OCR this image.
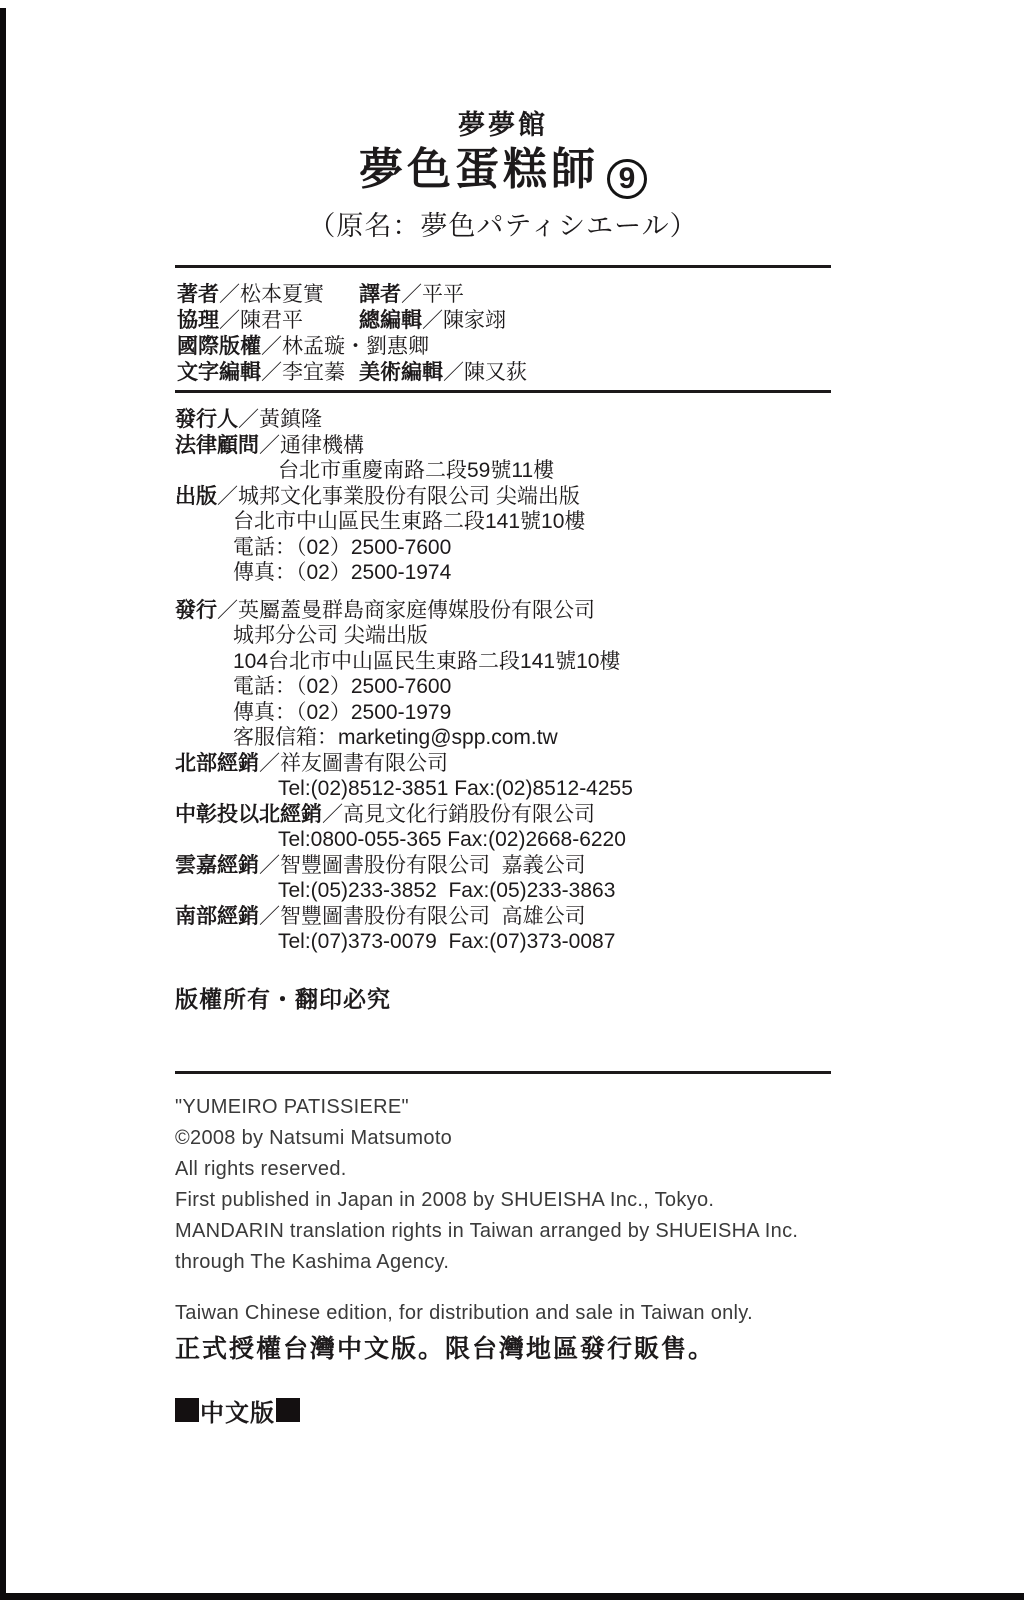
夢夢館
夢色蛋糕師 9
（原名：夢色パティシエール）
著者／松本夏實	譯者／平平
協理／陳君平	總編輯／陳家翊
國際版權／林孟璇・劉惠卿
文字編輯／李宜蓁 美術編輯／陳又荻
發行人／黃鎮隆
法律顧問／通律機構
台北市重慶南路二段59號11樓
出版／城邦文化事業股份有限公司 尖端出版
台北市中山區民生東路二段141號10樓
電話：（02）2500-7600
傳真：（02）2500-1974
發行／英屬蓋曼群島商家庭傳媒股份有限公司
城邦分公司 尖端出版
104台北市中山區民生東路二段141號10樓
電話：（02）2500-7600
傳真：（02）2500-1979
客服信箱：marketing@spp.com.tw
北部經銷／祥友圖書有限公司
Tel:(02)8512-3851 Fax:(02)8512-4255
中彰投以北經銷／高見文化行銷股份有限公司
Tel:0800-055-365 Fax:(02)2668-6220
雲嘉經銷／智豐圖書股份有限公司  嘉義公司
Tel:(05)233-3852  Fax:(05)233-3863
南部經銷／智豐圖書股份有限公司  高雄公司
Tel:(07)373-0079  Fax:(07)373-0087
版權所有・翻印必究
"YUMEIRO PATISSIERE"
©2008 by Natsumi Matsumoto
All rights reserved.
First published in Japan in 2008 by SHUEISHA Inc., Tokyo.
MANDARIN translation rights in Taiwan arranged by SHUEISHA Inc.
through The Kashima Agency.
Taiwan Chinese edition, for distribution and sale in Taiwan only.
正式授權台灣中文版。限台灣地區發行販售。
中文版
